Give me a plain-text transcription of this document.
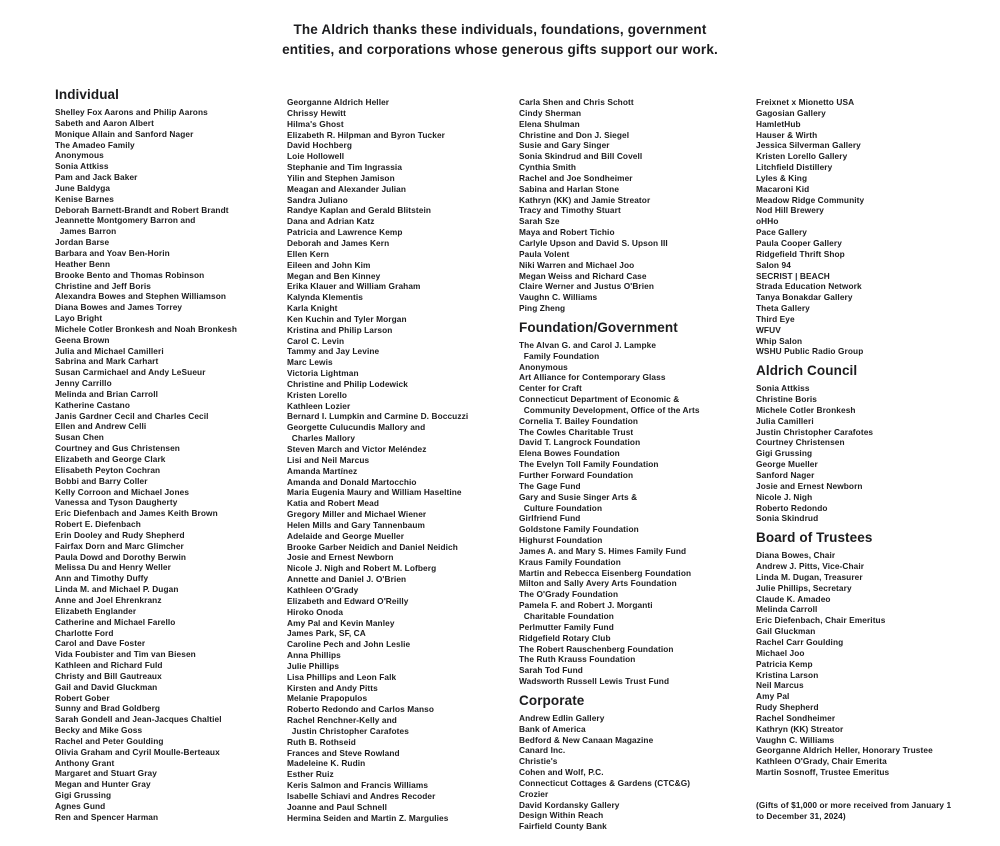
The Aldrich thanks these individuals, foundations, government entities, and corporations whose generous gifts support our work.

Individual
Shelley Fox Aarons and Philip Aarons
Sabeth and Aaron Albert
Monique Allain and Sanford Nager
The Amadeo Family
Anonymous
Sonia Attkiss
Pam and Jack Baker
June Baldyga
Kenise Barnes
Deborah Barnett-Brandt and Robert Brandt
Jeannette Montgomery Barron and
James Barron
Jordan Barse
Barbara and Yoav Ben-Horin
Heather Benn
Brooke Bento and Thomas Robinson
Christine and Jeff Boris
Alexandra Bowes and Stephen Williamson
Diana Bowes and James Torrey
Layo Bright
Michele Cotler Bronkesh and Noah Bronkesh
Geena Brown
Julia and Michael Camilleri
Sabrina and Mark Carhart
Susan Carmichael and Andy LeSueur
Jenny Carrillo
Melinda and Brian Carroll
Katherine Castano
Janis Gardner Cecil and Charles Cecil
Ellen and Andrew Celli
Susan Chen
Courtney and Gus Christensen
Elizabeth and George Clark
Elisabeth Peyton Cochran
Bobbi and Barry Coller
Kelly Corroon and Michael Jones
Vanessa and Tyson Daugherty
Eric Diefenbach and James Keith Brown
Robert E. Diefenbach
Erin Dooley and Rudy Shepherd
Fairfax Dorn and Marc Glimcher
Paula Dowd and Dorothy Berwin
Melissa Du and Henry Weller
Ann and Timothy Duffy
Linda M. and Michael P. Dugan
Anne and Joel Ehrenkranz
Elizabeth Englander
Catherine and Michael Farello
Charlotte Ford
Carol and Dave Foster
Vida Foubister and Tim van Biesen
Kathleen and Richard Fuld
Christy and Bill Gautreaux
Gail and David Gluckman
Robert Gober
Sunny and Brad Goldberg
Sarah Gondell and Jean-Jacques Chaltiel
Becky and Mike Goss
Rachel and Peter Goulding
Olivia Graham and Cyril Moulle-Berteaux
Anthony Grant
Margaret and Stuart Gray
Megan and Hunter Gray
Gigi Grussing
Agnes Gund
Ren and Spencer Harman
Georganne Aldrich Heller
Chrissy Hewitt
Hilma's Ghost
Elizabeth R. Hilpman and Byron Tucker
David Hochberg
Loie Hollowell
Stephanie and Tim Ingrassia
Yilin and Stephen Jamison
Meagan and Alexander Julian
Sandra Juliano
Randye Kaplan and Gerald Blitstein
Dana and Adrian Katz
Patricia and Lawrence Kemp
Deborah and James Kern
Ellen Kern
Eileen and John Kim
Megan and Ben Kinney
Erika Klauer and William Graham
Kalynda Klementis
Karla Knight
Ken Kuchin and Tyler Morgan
Kristina and Philip Larson
Carol C. Levin
Tammy and Jay Levine
Marc Lewis
Victoria Lightman
Christine and Philip Lodewick
Kristen Lorello
Kathleen Lozier
Bernard I. Lumpkin and Carmine D. Boccuzzi
Georgette Culucundis Mallory and
Charles Mallory
Steven March and Victor Meléndez
Lisi and Neil Marcus
Amanda Martínez
Amanda and Donald Martocchio
Maria Eugenia Maury and William Haseltine
Katia and Robert Mead
Gregory Miller and Michael Wiener
Helen Mills and Gary Tannenbaum
Adelaide and George Mueller
Brooke Garber Neidich and Daniel Neidich
Josie and Ernest Newborn
Nicole J. Nigh and Robert M. Lofberg
Annette and Daniel J. O'Brien
Kathleen O'Grady
Elizabeth and Edward O'Reilly
Hiroko Onoda
Amy Pal and Kevin Manley
James Park, SF, CA
Caroline Pech and John Leslie
Anna Phillips
Julie Phillips
Lisa Phillips and Leon Falk
Kirsten and Andy Pitts
Melanie Prapopulos
Roberto Redondo and Carlos Manso
Rachel Renchner-Kelly and
Justin Christopher Carafotes
Ruth B. Rothseid
Frances and Steve Rowland
Madeleine K. Rudin
Esther Ruiz
Keris Salmon and Francis Williams
Isabelle Schiavi and Andres Recoder
Joanne and Paul Schnell
Hermina Seiden and Martin Z. Margulies
Carla Shen and Chris Schott
Cindy Sherman
Elena Shulman
Christine and Don J. Siegel
Susie and Gary Singer
Sonia Skindrud and Bill Covell
Cynthia Smith
Rachel and Joe Sondheimer
Sabina and Harlan Stone
Kathryn (KK) and Jamie Streator
Tracy and Timothy Stuart
Sarah Sze
Maya and Robert Tichio
Carlyle Upson and David S. Upson III
Paula Volent
Niki Warren and Michael Joo
Megan Weiss and Richard Case
Claire Werner and Justus O'Brien
Vaughn C. Williams
Ping Zheng
Foundation/Government
The Alvan G. and Carol J. Lampke
Family Foundation
Anonymous
Art Alliance for Contemporary Glass
Center for Craft
Connecticut Department of Economic &
Community Development, Office of the Arts
Cornelia T. Bailey Foundation
The Cowles Charitable Trust
David T. Langrock Foundation
Elena Bowes Foundation
The Evelyn Toll Family Foundation
Further Forward Foundation
The Gage Fund
Gary and Susie Singer Arts &
Culture Foundation
Girlfriend Fund
Goldstone Family Foundation
Highurst Foundation
James A. and Mary S. Himes Family Fund
Kraus Family Foundation
Martin and Rebecca Eisenberg Foundation
Milton and Sally Avery Arts Foundation
The O'Grady Foundation
Pamela F. and Robert J. Morganti
Charitable Foundation
Perlmutter Family Fund
Ridgefield Rotary Club
The Robert Rauschenberg Foundation
The Ruth Krauss Foundation
Sarah Tod Fund
Wadsworth Russell Lewis Trust Fund
Corporate
Andrew Edlin Gallery
Bank of America
Bedford & New Canaan Magazine
Canard Inc.
Christie's
Cohen and Wolf, P.C.
Connecticut Cottages & Gardens (CTC&G)
Crozier
David Kordansky Gallery
Design Within Reach
Fairfield County Bank
Freixnet x Mionetto USA
Gagosian Gallery
HamletHub
Hauser & Wirth
Jessica Silverman Gallery
Kristen Lorello Gallery
Litchfield Distillery
Lyles & King
Macaroni Kid
Meadow Ridge Community
Nod Hill Brewery
oHHo
Pace Gallery
Paula Cooper Gallery
Ridgefield Thrift Shop
Salon 94
SECRIST | BEACH
Strada Education Network
Tanya Bonakdar Gallery
Theta Gallery
Third Eye
WFUV
Whip Salon
WSHU Public Radio Group
Aldrich Council
Sonia Attkiss
Christine Boris
Michele Cotler Bronkesh
Julia Camilleri
Justin Christopher Carafotes
Courtney Christensen
Gigi Grussing
George Mueller
Sanford Nager
Josie and Ernest Newborn
Nicole J. Nigh
Roberto Redondo
Sonia Skindrud
Board of Trustees
Diana Bowes, Chair
Andrew J. Pitts, Vice-Chair
Linda M. Dugan, Treasurer
Julie Phillips, Secretary
Claude K. Amadeo
Melinda Carroll
Eric Diefenbach, Chair Emeritus
Gail Gluckman
Rachel Carr Goulding
Michael Joo
Patricia Kemp
Kristina Larson
Neil Marcus
Amy Pal
Rudy Shepherd
Rachel Sondheimer
Kathryn (KK) Streator
Vaughn C. Williams
Georganne Aldrich Heller, Honorary Trustee
Kathleen O'Grady, Chair Emerita
Martin Sosnoff, Trustee Emeritus

(Gifts of $1,000 or more received from January 1 to December 31, 2024)
